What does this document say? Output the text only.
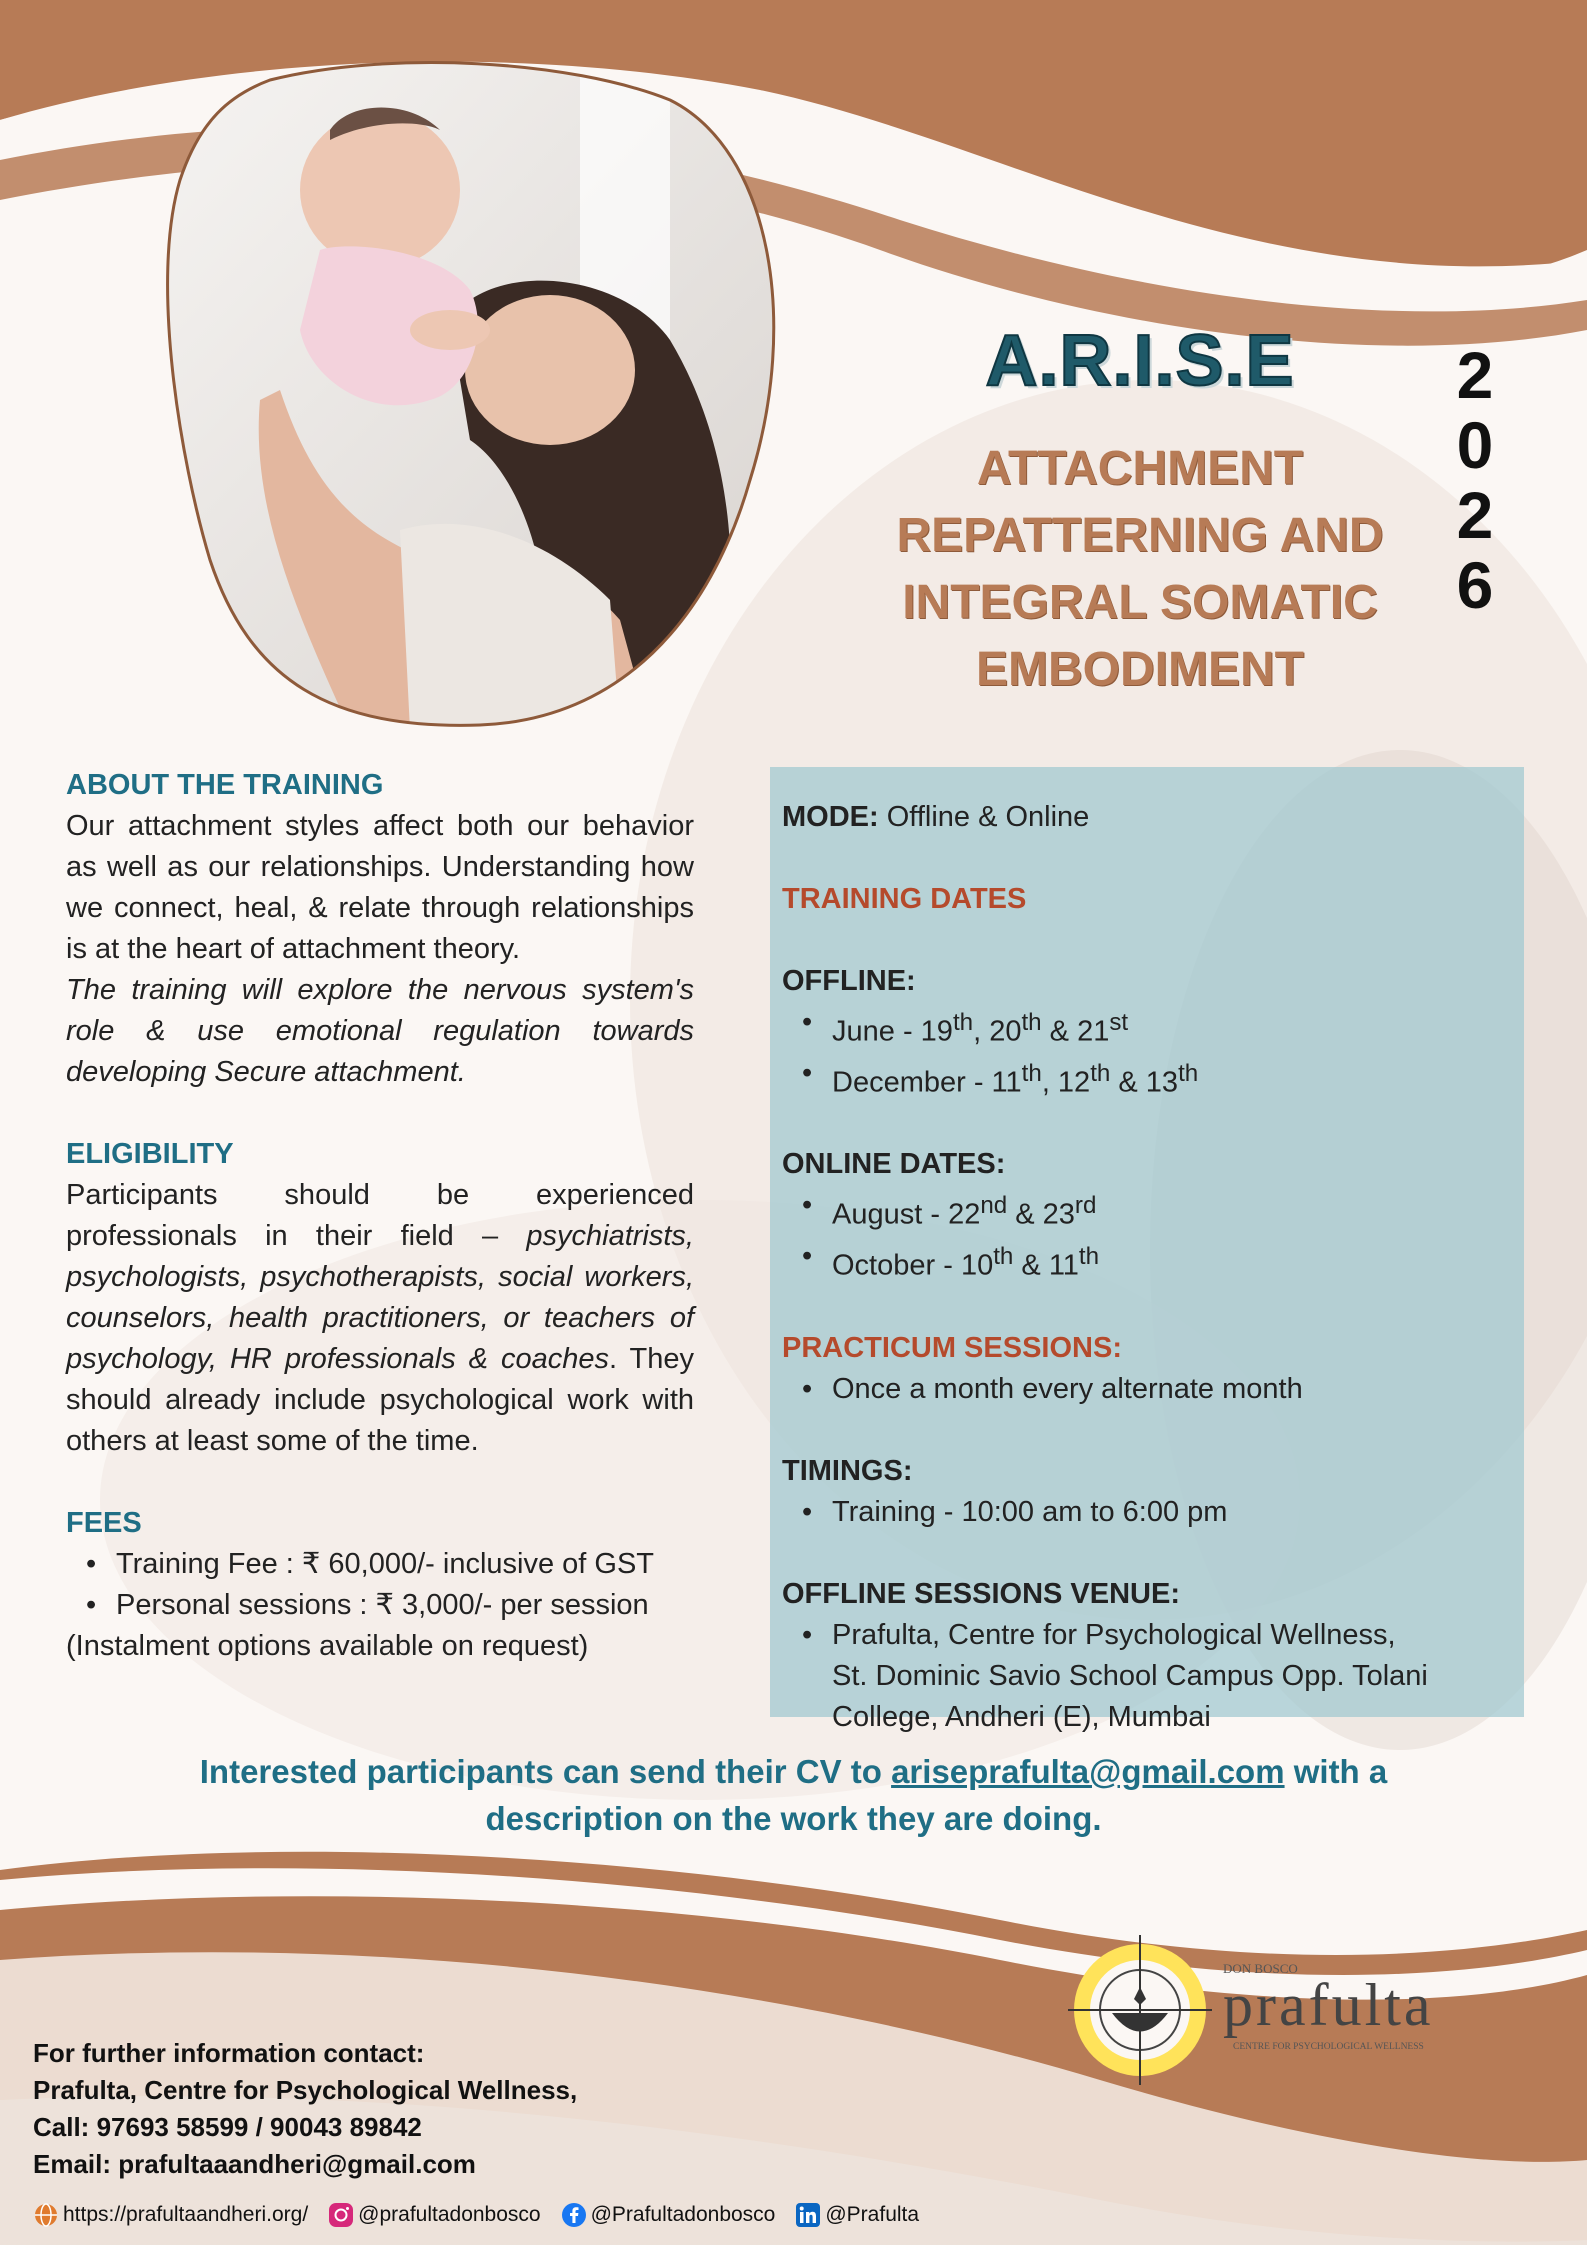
A.R.I.S.E
ATTACHMENT
REPATTERNING AND
INTEGRAL SOMATIC
EMBODIMENT
2
0
2
6
ABOUT THE TRAINING

Our attachment styles affect both our behavior as well as our relationships. Understanding how we connect, heal, & relate through relationships is at the heart of attachment theory.

The training will explore the nervous system's role & use emotional regulation towards developing Secure attachment.

ELIGIBILITY

Participants should be experienced professionals in their field – psychiatrists, psychologists, psychotherapists, social workers, counselors, health practitioners, or teachers of psychology, HR professionals & coaches. They should already include psychological work with others at least some of the time.

FEES
• Training Fee : ₹ 60,000/- inclusive of GST
• Personal sessions : ₹ 3,000/- per session
(Instalment options available on request)
MODE: Offline & Online
TRAINING DATES
OFFLINE:
• June - 19th, 20th & 21st
• December - 11th, 12th & 13th
ONLINE DATES:
• August - 22nd & 23rd
• October - 10th & 11th
PRACTICUM SESSIONS:
• Once a month every alternate month
TIMINGS:
• Training - 10:00 am to 6:00 pm
OFFLINE SESSIONS VENUE:
• Prafulta, Centre for Psychological Wellness,
St. Dominic Savio School Campus Opp. Tolani
College, Andheri (E), Mumbai
Interested participants can send their CV to ariseprafulta@gmail.com with a
description on the work they are doing.
DON BOSCO
prafulta
CENTRE FOR PSYCHOLOGICAL WELLNESS
For further information contact:
Prafulta, Centre for Psychological Wellness,
Call: 97693 58599 / 90043 89842
Email: prafultaaandheri@gmail.com
https://prafultaandheri.org/ @prafultadonbosco @Prafultadonbosco @Prafulta
